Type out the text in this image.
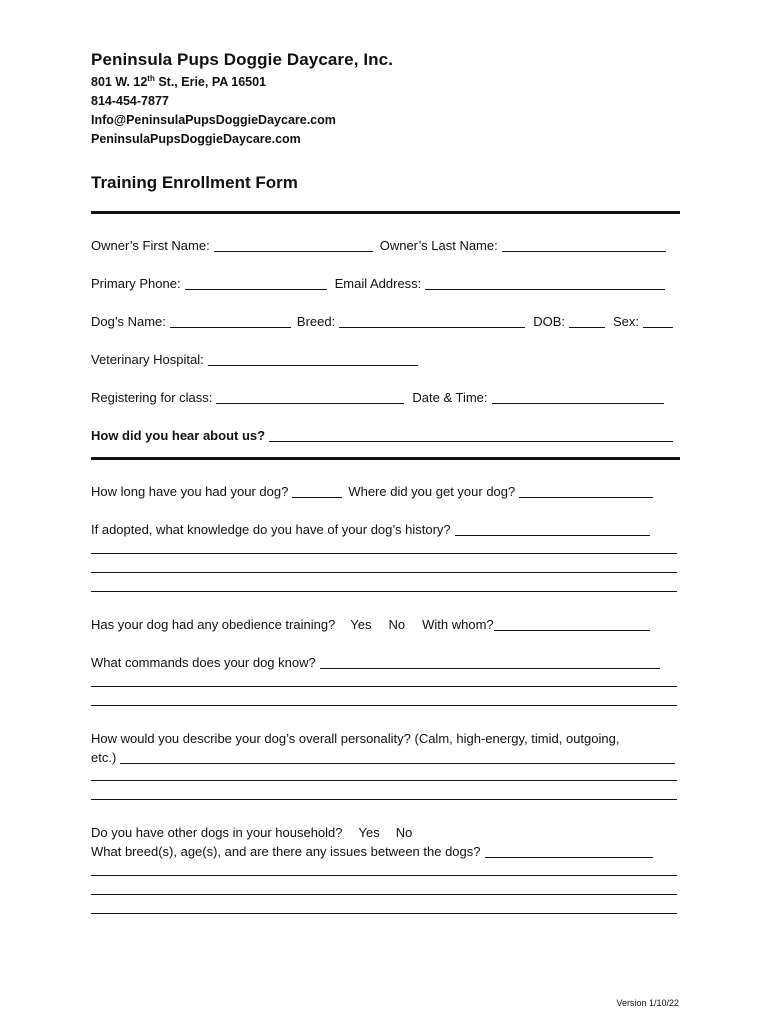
Peninsula Pups Doggie Daycare, Inc.
801 W. 12th St., Erie, PA 16501
814-454-7877
Info@PeninsulaPupsDoggieDaycare.com
PeninsulaPupsDoggieDaycare.com
Training Enrollment Form
Owner’s First Name:	Owner’s Last Name:
Primary Phone:	Email Address:
Dog’s Name:	Breed:	DOB:	Sex:
Veterinary Hospital:
Registering for class:	Date & Time:
How did you hear about us?
How long have you had your dog?	Where did you get your dog?
If adopted, what knowledge do you have of your dog’s history?
Has your dog had any obedience training? Yes No With whom?
What commands does your dog know?
How would you describe your dog’s overall personality? (Calm, high-energy, timid, outgoing,
etc.)
Do you have other dogs in your household? Yes No
What breed(s), age(s), and are there any issues between the dogs?
Version 1/10/22
